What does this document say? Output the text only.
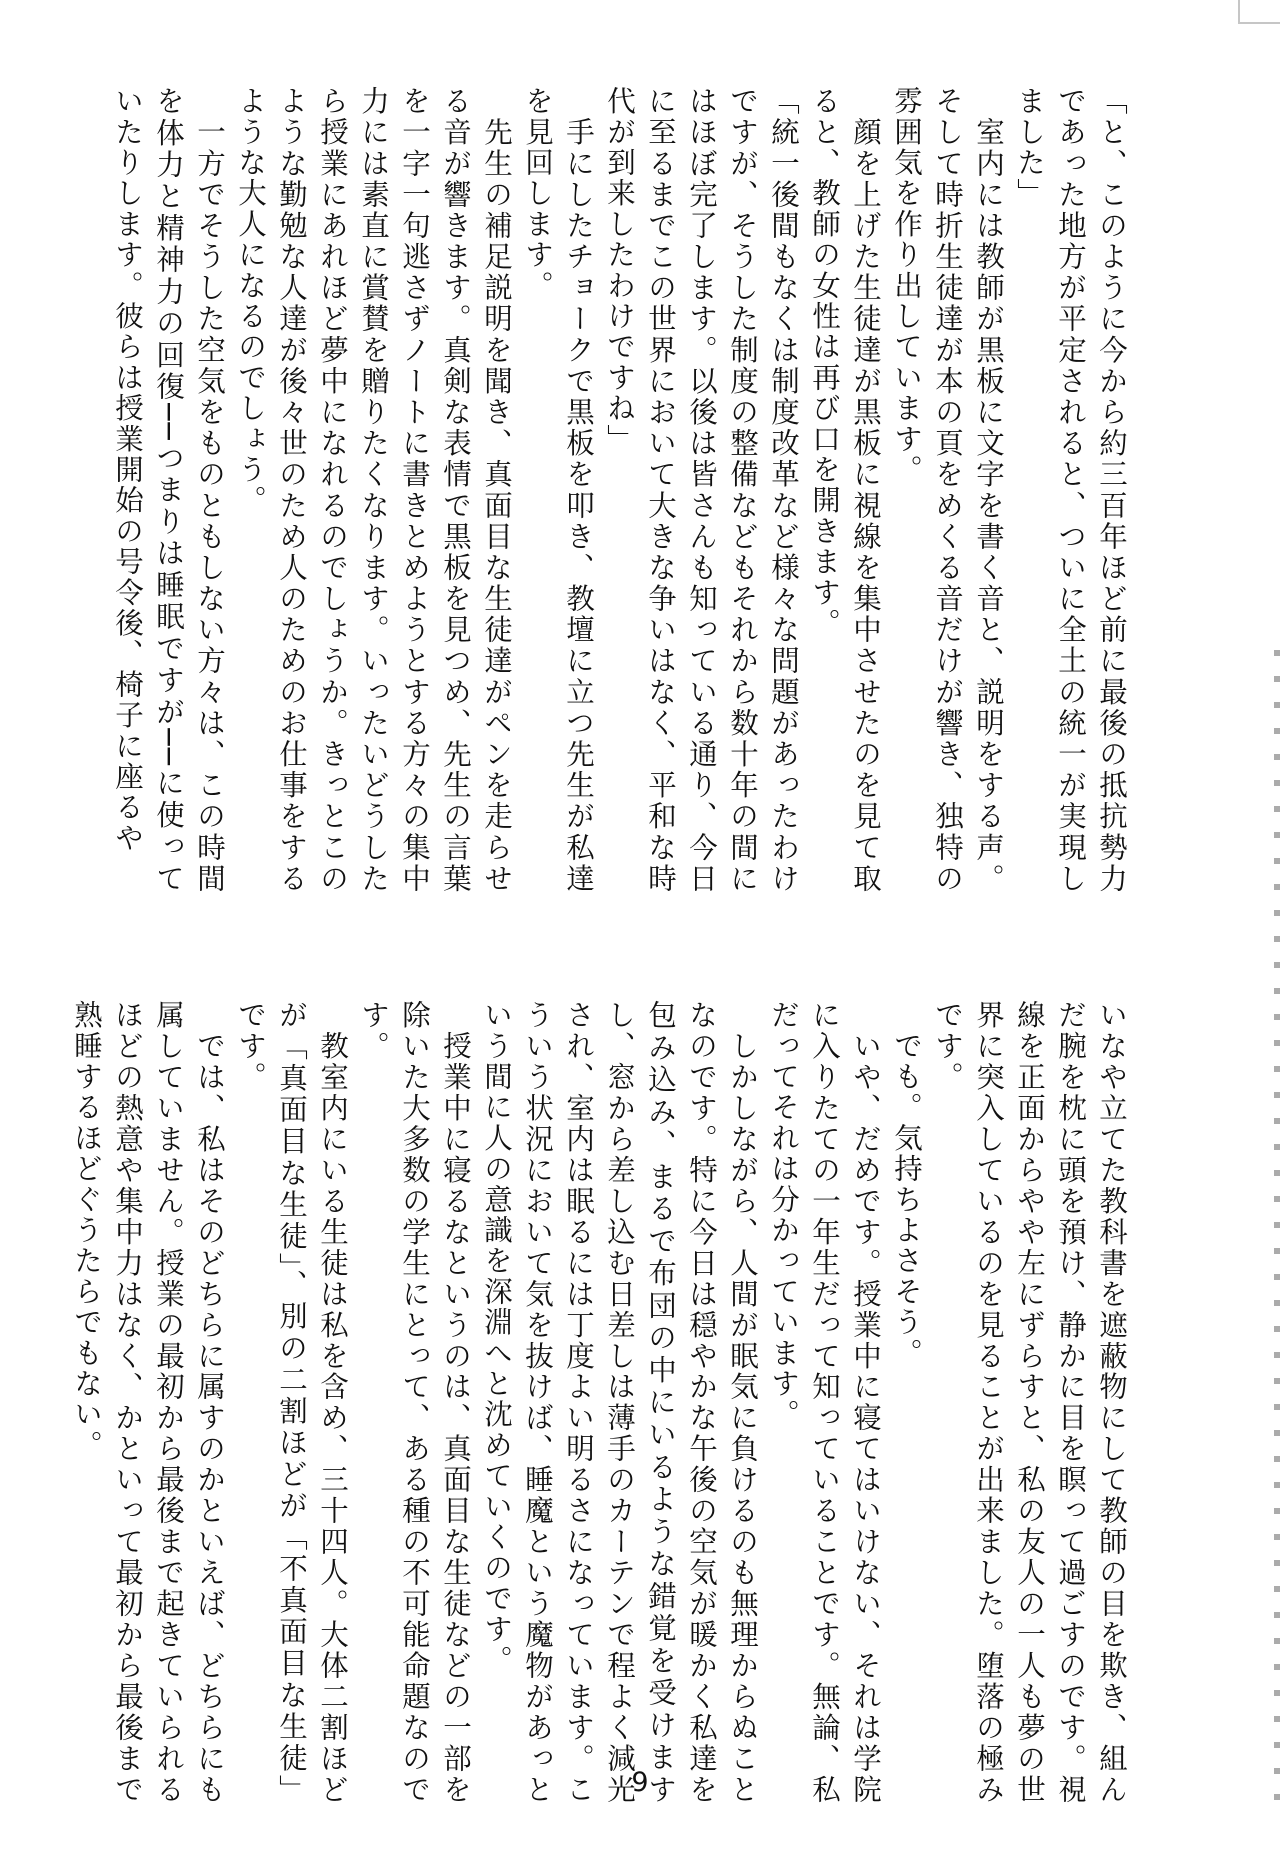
「と、このように今から約三百年ほど前に最後の抵抗勢力であった地方が平定されると、ついに全土の統一が実現しました」

　室内には教師が黒板に文字を書く音と、説明をする声。そして時折生徒達が本の頁をめくる音だけが響き、独特の雰囲気を作り出しています。

　顔を上げた生徒達が黒板に視線を集中させたのを見て取ると、教師の女性は再び口を開きます。

「統一後間もなくは制度改革など様々な問題があったわけですが、そうした制度の整備などもそれから数十年の間にはほぼ完了します。以後は皆さんも知っている通り、今日に至るまでこの世界において大きな争いはなく、平和な時代が到来したわけですね」

　手にしたチョークで黒板を叩き、教壇に立つ先生が私達を見回します。

　先生の補足説明を聞き、真面目な生徒達がペンを走らせる音が響きます。真剣な表情で黒板を見つめ、先生の言葉を一字一句逃さずノートに書きとめようとする方々の集中力には素直に賞賛を贈りたくなります。いったいどうしたら授業にあれほど夢中になれるのでしょうか。きっとこのような勤勉な人達が後々世のため人のためのお仕事をするような大人になるのでしょう。

　一方でそうした空気をものともしない方々は、この時間を体力と精神力の回復──つまりは睡眠ですが──に使っていたりします。彼らは授業開始の号令後、椅子に座るや

いなや立てた教科書を遮蔽物にして教師の目を欺き、組んだ腕を枕に頭を預け、静かに目を瞑って過ごすのです。視線を正面からやや左にずらすと、私の友人の一人も夢の世界に突入しているのを見ることが出来ました。堕落の極みです。

　でも。気持ちよさそう。

　いや、だめです。授業中に寝てはいけない、それは学院に入りたての一年生だって知っていることです。無論、私だってそれは分かっています。

　しかしながら、人間が眠気に負けるのも無理からぬことなのです。特に今日は穏やかな午後の空気が暖かく私達を包み込み、まるで布団の中にいるような錯覚を受けますし、窓から差し込む日差しは薄手のカーテンで程よく減光され、室内は眠るには丁度よい明るさになっています。こういう状況において気を抜けば、睡魔という魔物があっという間に人の意識を深淵へと沈めていくのです。

　授業中に寝るなというのは、真面目な生徒などの一部を除いた大多数の学生にとって、ある種の不可能命題なのです。

　教室内にいる生徒は私を含め、三十四人。大体二割ほどが「真面目な生徒」、別の二割ほどが「不真面目な生徒」です。

　では、私はそのどちらに属すのかといえば、どちらにも属していません。授業の最初から最後まで起きていられるほどの熱意や集中力はなく、かといって最初から最後まで熟睡するほどぐうたらでもない。

9
